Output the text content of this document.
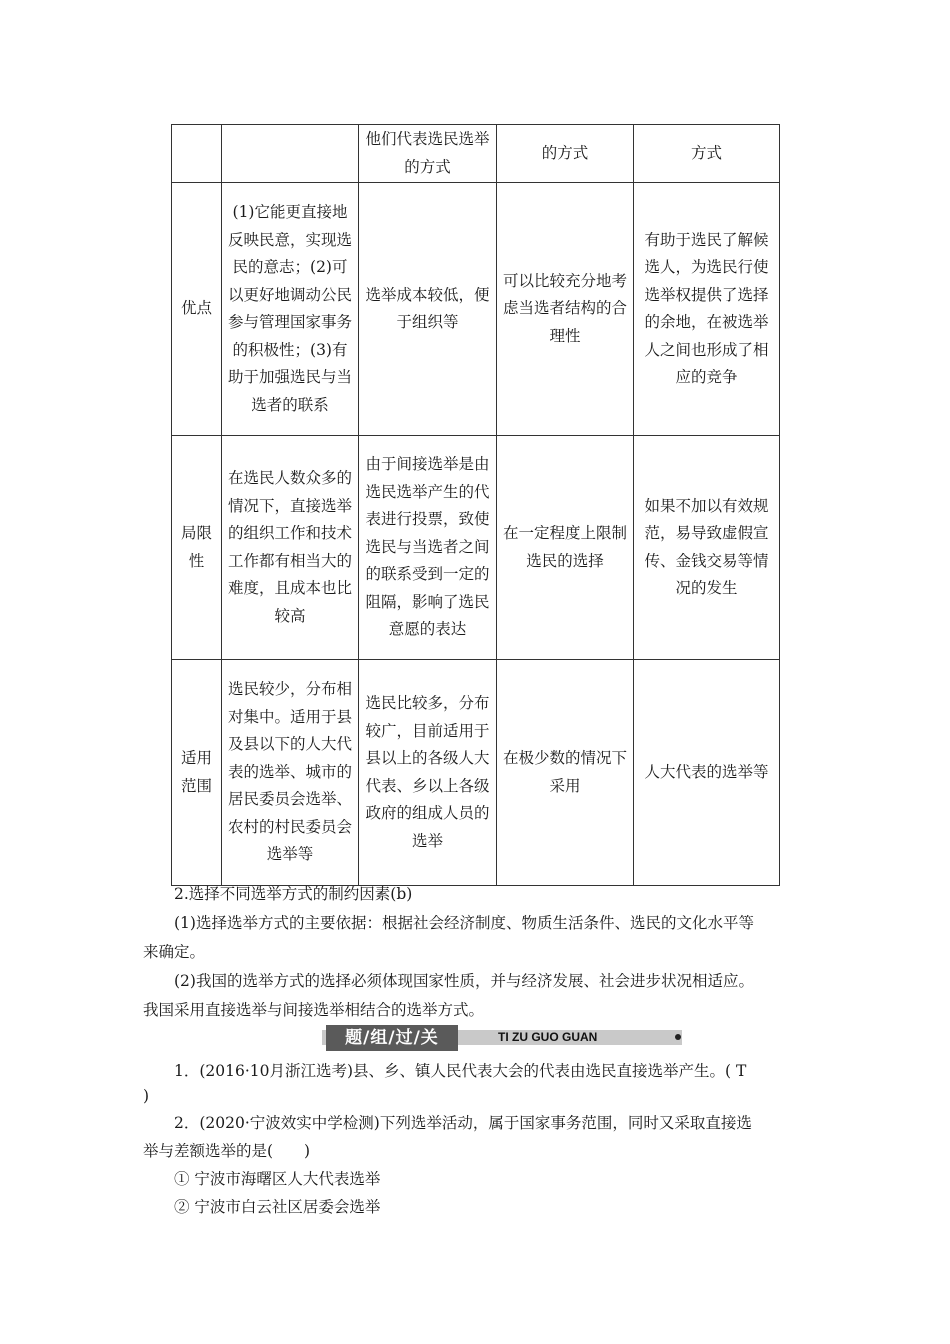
		他们代表选民选举的方式	的方式	方式
优点	(1)它能更直接地反映民意，实现选民的意志；(2)可以更好地调动公民参与管理国家事务的积极性；(3)有助于加强选民与当选者的联系	选举成本较低，便于组织等	可以比较充分地考虑当选者结构的合理性	有助于选民了解候选人，为选民行使选举权提供了选择的余地，在被选举人之间也形成了相应的竞争
局限性	在选民人数众多的情况下，直接选举的组织工作和技术工作都有相当大的难度，且成本也比较高	由于间接选举是由选民选举产生的代表进行投票，致使选民与当选者之间的联系受到一定的阻隔，影响了选民意愿的表达	在一定程度上限制选民的选择	如果不加以有效规范，易导致虚假宣传、金钱交易等情况的发生
适用范围	选民较少，分布相对集中。适用于县及县以下的人大代表的选举、城市的居民委员会选举、农村的村民委员会选举等	选民比较多，分布较广，目前适用于县以上的各级人大代表、乡以上各级政府的组成人员的选举	在极少数的情况下采用	人大代表的选举等
2.选择不同选举方式的制约因素(b)
(1)选择选举方式的主要依据：根据社会经济制度、物质生活条件、选民的文化水平等
来确定。
(2)我国的选举方式的选择必须体现国家性质，并与经济发展、社会进步状况相适应。
我国采用直接选举与间接选举相结合的选举方式。
题/组/过/关	TI ZU GUO GUAN
1．(2016·10月浙江选考)县、乡、镇人民代表大会的代表由选民直接选举产生。( T
)
2．(2020·宁波效实中学检测)下列选举活动，属于国家事务范围，同时又采取直接选
举与差额选举的是(　　)
① 宁波市海曙区人大代表选举
② 宁波市白云社区居委会选举
